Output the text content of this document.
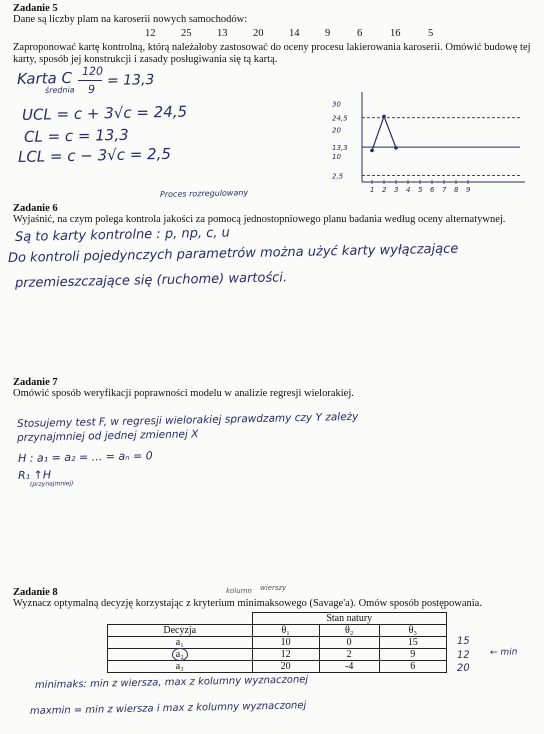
Zadanie 5
Dane są liczby plam na karoserii nowych samochodów:
12 25 13 20 14 9	6	16	5
Zaproponować kartę kontrolną, którą należałoby zastosować do oceny procesu lakierowania karoserii. Omówić budowę tej karty, sposób jej konstrukcji i zasady posługiwania się tą kartą.
Karta C 120
9
średnia
= 13,3
UCL = c + 3√c = 24,5
CL = c = 13,3
LCL = c − 3√c = 2,5
30
24,5
20
13,3
10
2,5
1 2 3 4 5 6 7 8 9
Proces rozregulowany
Zadanie 6
Wyjaśnić, na czym polega kontrola jakości za pomocą jednostopniowego planu badania według oceny alternatywnej.
Są to karty kontrolne : p, np, c, u
Do kontroli pojedynczych parametrów można użyć karty wyłączające
przemieszczające się (ruchome) wartości.
Zadanie 7
Omówić sposób weryfikacji poprawności modelu w analizie regresji wielorakiej.
Stosujemy test F, w regresji wielorakiej sprawdzamy czy Y zależy
przynajmniej od jednej zmiennej X
H : a₁ = a₂ = ... = aₙ = 0
R₁ ↑H
(przynajmniej)
Zadanie 8	kolumn wierszy
Wyznacz optymalną decyzję korzystając z kryterium minimaksowego (Savage'a). Omów sposób postępowania.
	Stan natury		
Decyzja	θ₁	θ₂	θ₃
a₁	10	0	15
a₂	12	2	9
a₃	20	-4	6
15
12 ← min
20
minimaks: min z wiersza, max z kolumny wyznaczonej
maxmin = min z wiersza i max z kolumny wyznaczonej
